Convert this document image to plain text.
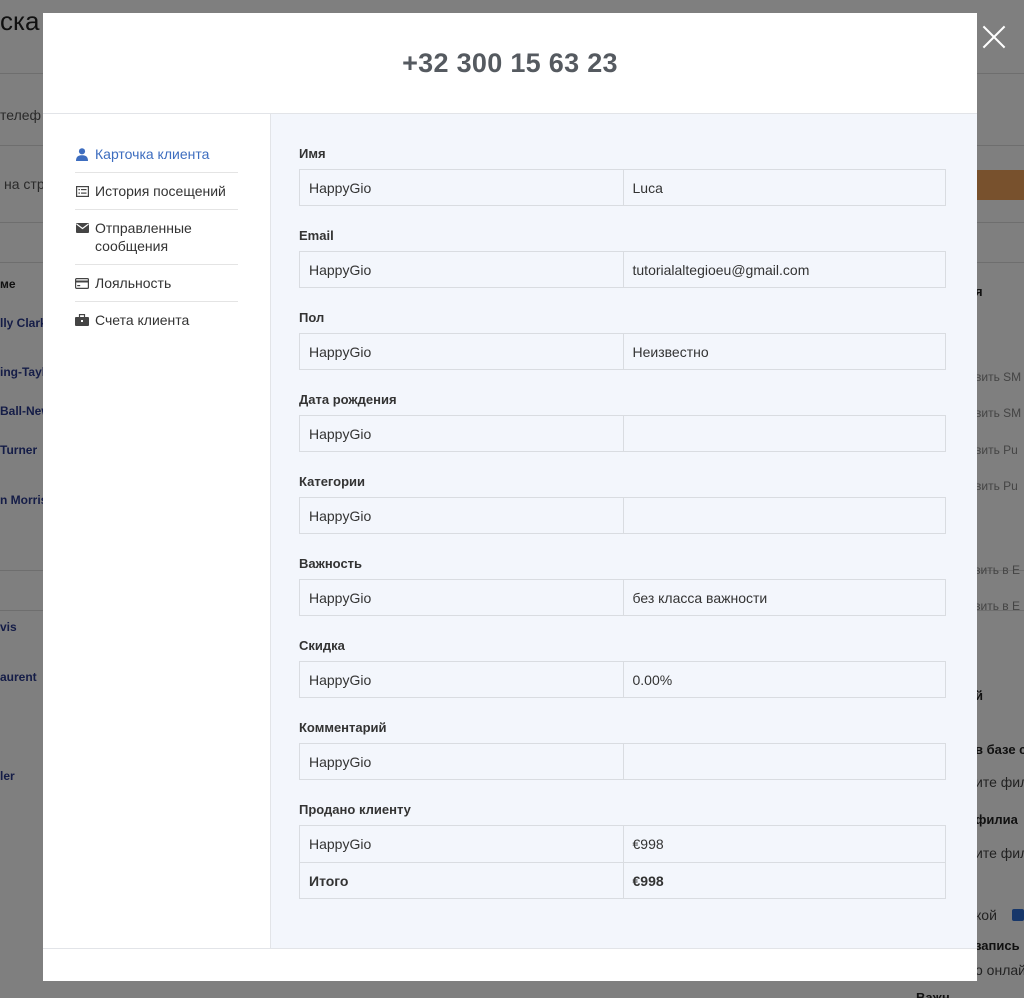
+32 300 15 63 23
Карточка клиента
История посещений
Отправленные сообщения
Лояльность
Счета клиента
Имя
HappyGio	Luca
Email
HappyGio	tutorialaltegioeu@gmail.com
Пол
HappyGio	Неизвестно
Дата рождения
HappyGio
Категории
HappyGio
Важность
HappyGio	без класса важности
Скидка
HappyGio	0.00%
Комментарий
HappyGio
Продано клиенту
HappyGio	€998
Итого	€998
